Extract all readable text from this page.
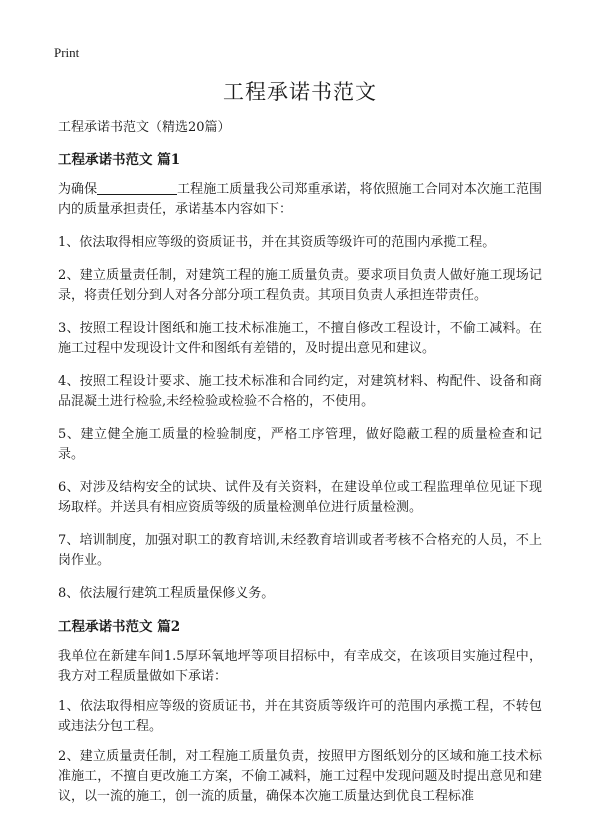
Print
工程承诺书范文
工程承诺书范文（精选20篇）
工程承诺书范文 篇1

为确保	工程施工质量我公司郑重承诺，将依照施工合同对本次施工范围内的质量承担责任，承诺基本内容如下：

1、依法取得相应等级的资质证书，并在其资质等级许可的范围内承揽工程。

2、建立质量责任制，对建筑工程的施工质量负责。要求项目负责人做好施工现场记录，将责任划分到人对各分部分项工程负责。其项目负责人承担连带责任。

3、按照工程设计图纸和施工技术标准施工，不擅自修改工程设计，不偷工减料。在施工过程中发现设计文件和图纸有差错的，及时提出意见和建议。

4、按照工程设计要求、施工技术标准和合同约定，对建筑材料、构配件、设备和商品混凝土进行检验,未经检验或检验不合格的，不使用。

5、建立健全施工质量的检验制度，严格工序管理，做好隐蔽工程的质量检查和记录。

6、对涉及结构安全的试块、试件及有关资料，在建设单位或工程监理单位见证下现场取样。并送具有相应资质等级的质量检测单位进行质量检测。

7、培训制度，加强对职工的教育培训,未经教育培训或者考核不合格充的人员，不上岗作业。

8、依法履行建筑工程质量保修义务。

工程承诺书范文 篇2

我单位在新建车间1.5厚环氧地坪等项目招标中，有幸成交，在该项目实施过程中，我方对工程质量做如下承诺：

1、依法取得相应等级的资质证书，并在其资质等级许可的范围内承揽工程，不转包或违法分包工程。

2、建立质量责任制，对工程施工质量负责，按照甲方图纸划分的区域和施工技术标准施工，不擅自更改施工方案，不偷工减料，施工过程中发现问题及时提出意见和建议，以一流的施工，创一流的质量，确保本次施工质量达到优良工程标准
